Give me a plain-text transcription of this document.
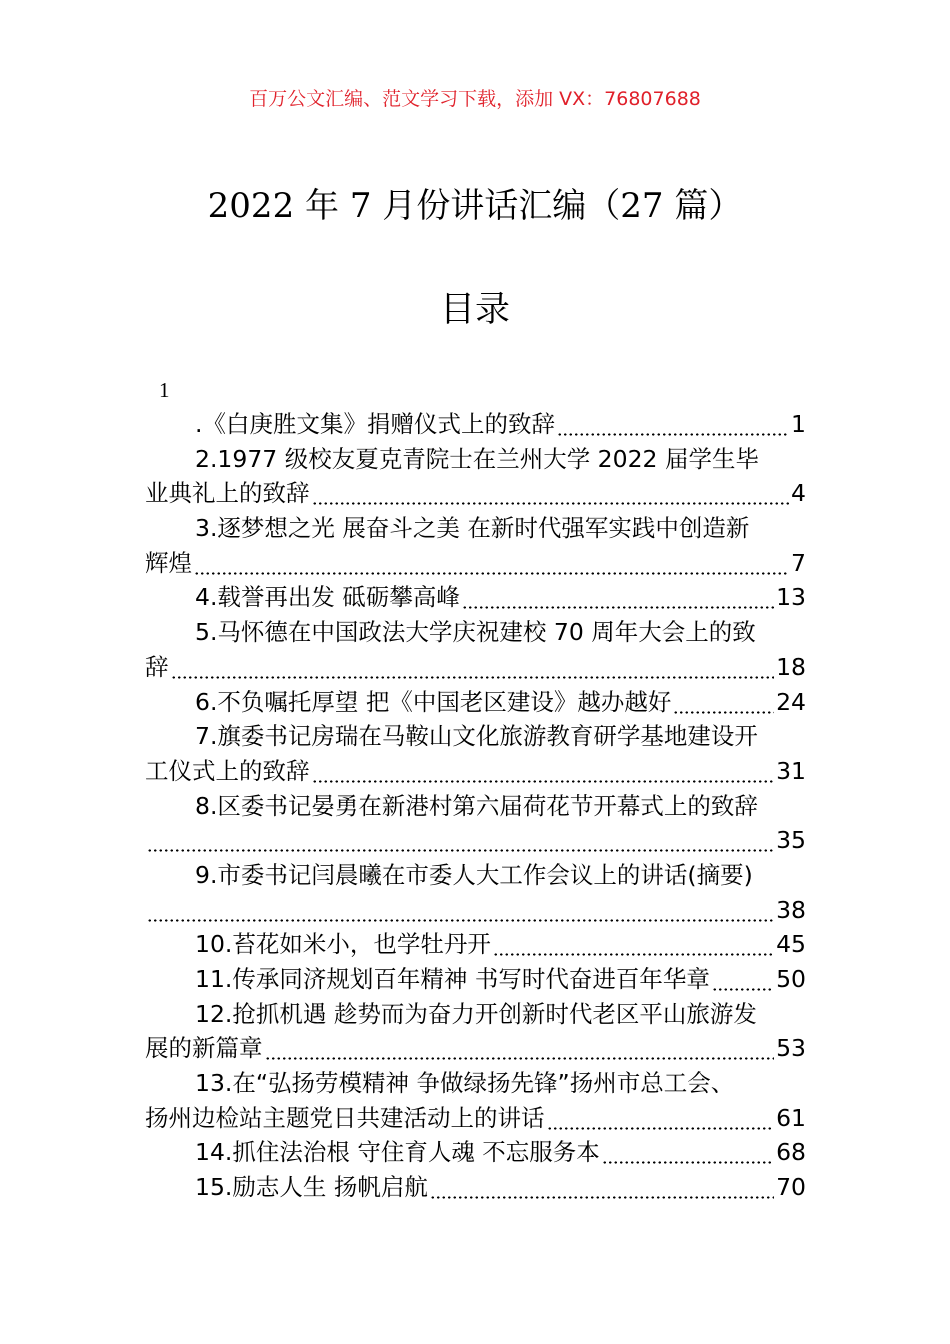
百万公文汇编、范文学习下载，添加 VX：76807688
2022 年 7 月份讲话汇编（27 篇）
目录
1
.《白庚胜文集》捐赠仪式上的致辞	1
2.1977 级校友夏克青院士在兰州大学 2022 届学生毕
业典礼上的致辞	4
3.逐梦想之光 展奋斗之美 在新时代强军实践中创造新
辉煌	7
4.载誉再出发 砥砺攀高峰	13
5.马怀德在中国政法大学庆祝建校 70 周年大会上的致
辞	18
6.不负嘱托厚望 把《中国老区建设》越办越好	24
7.旗委书记房瑞在马鞍山文化旅游教育研学基地建设开
工仪式上的致辞	31
8.区委书记晏勇在新港村第六届荷花节开幕式上的致辞
35
9.市委书记闫晨曦在市委人大工作会议上的讲话(摘要)
38
10.苔花如米小，也学牡丹开	45
11.传承同济规划百年精神 书写时代奋进百年华章	50
12.抢抓机遇 趁势而为奋力开创新时代老区平山旅游发
展的新篇章	53
13.在“弘扬劳模精神 争做绿扬先锋”扬州市总工会、
扬州边检站主题党日共建活动上的讲话	61
14.抓住法治根 守住育人魂 不忘服务本	68
15.励志人生 扬帆启航	70
